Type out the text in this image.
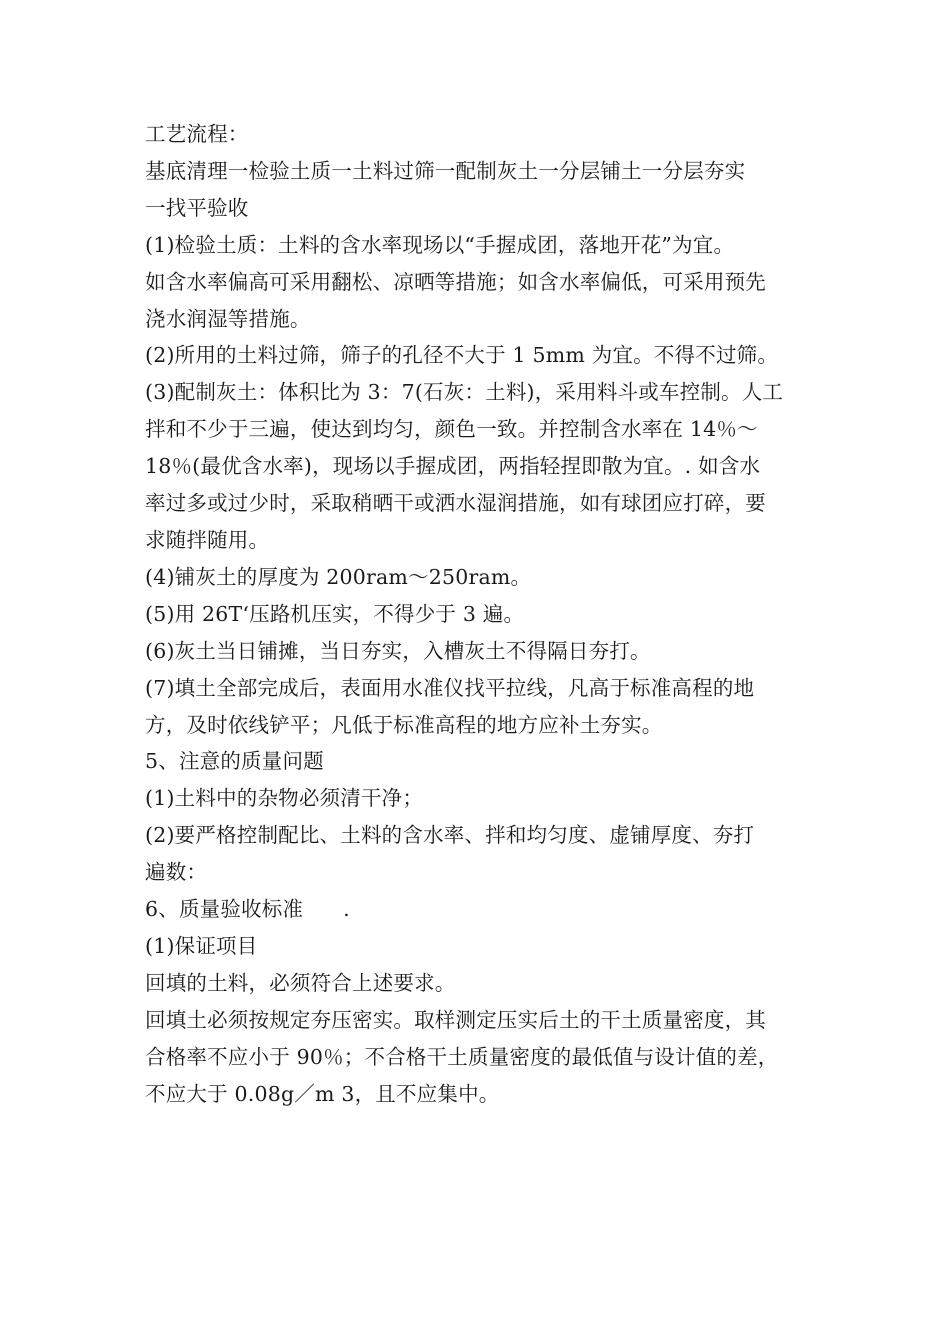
工艺流程：
基底清理一检验土质一土料过筛一配制灰土一分层铺土一分层夯实
一找平验收
(1)检验土质：土料的含水率现场以“手握成团，落地开花”为宜。
如含水率偏高可采用翻松、凉晒等措施；如含水率偏低，可采用预先
浇水润湿等措施。
(2)所用的土料过筛，筛子的孔径不大于 1 5mm 为宜。不得不过筛。
(3)配制灰土：体积比为 3：7(石灰：土料)，采用料斗或车控制。人工
拌和不少于三遍，使达到均匀，颜色一致。并控制含水率在 14％～
18％(最优含水率)，现场以手握成团，两指轻捏即散为宜。. 如含水
率过多或过少时，采取稍晒干或洒水湿润措施，如有球团应打碎，要
求随拌随用。
(4)铺灰土的厚度为 200ram～250ram。
(5)用 26T‘压路机压实，不得少于 3 遍。
(6)灰土当日铺摊，当日夯实，入槽灰土不得隔日夯打。
(7)填土全部完成后，表面用水准仪找平拉线，凡高于标准高程的地
方，及时依线铲平；凡低于标准高程的地方应补土夯实。
5、注意的质量问题
(1)土料中的杂物必须清干净；
(2)要严格控制配比、土料的含水率、拌和均匀度、虚铺厚度、夯打
遍数：
6、质量验收标准 .
(1)保证项目
回填的土料，必须符合上述要求。
回填土必须按规定夯压密实。取样测定压实后土的干土质量密度，其
合格率不应小于 90％；不合格干土质量密度的最低值与设计值的差，
不应大于 0.08g／m 3，且不应集中。
